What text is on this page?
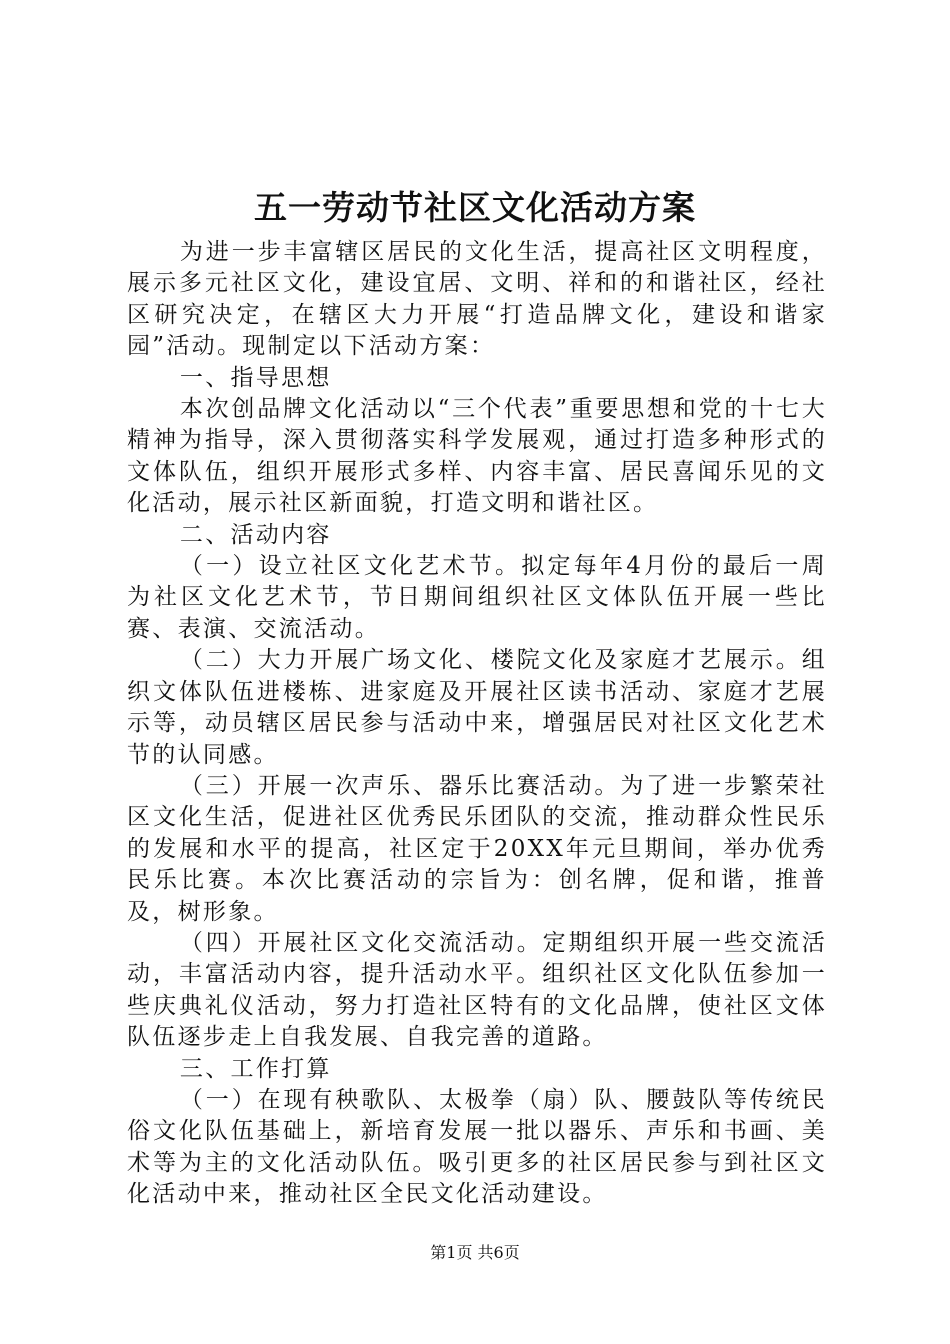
五一劳动节社区文化活动方案

为进一步丰富辖区居民的文化生活，提高社区文明程度，展示多元社区文化，建设宜居、文明、祥和的和谐社区，经社区研究决定，在辖区大力开展“打造品牌文化，建设和谐家园”活动。现制定以下活动方案：

一、指导思想

本次创品牌文化活动以“三个代表”重要思想和党的十七大精神为指导，深入贯彻落实科学发展观，通过打造多种形式的文体队伍，组织开展形式多样、内容丰富、居民喜闻乐见的文化活动，展示社区新面貌，打造文明和谐社区。

二、活动内容

（一）设立社区文化艺术节。拟定每年4月份的最后一周为社区文化艺术节，节日期间组织社区文体队伍开展一些比赛、表演、交流活动。

（二）大力开展广场文化、楼院文化及家庭才艺展示。组织文体队伍进楼栋、进家庭及开展社区读书活动、家庭才艺展示等，动员辖区居民参与活动中来，增强居民对社区文化艺术节的认同感。

（三）开展一次声乐、器乐比赛活动。为了进一步繁荣社区文化生活，促进社区优秀民乐团队的交流，推动群众性民乐的发展和水平的提高，社区定于20XX年元旦期间，举办优秀民乐比赛。本次比赛活动的宗旨为：创名牌，促和谐，推普及，树形象。

（四）开展社区文化交流活动。定期组织开展一些交流活动，丰富活动内容，提升活动水平。组织社区文化队伍参加一些庆典礼仪活动，努力打造社区特有的文化品牌，使社区文体队伍逐步走上自我发展、自我完善的道路。

三、工作打算

（一）在现有秧歌队、太极拳（扇）队、腰鼓队等传统民俗文化队伍基础上，新培育发展一批以器乐、声乐和书画、美术等为主的文化活动队伍。吸引更多的社区居民参与到社区文化活动中来，推动社区全民文化活动建设。

第1页 共6页
